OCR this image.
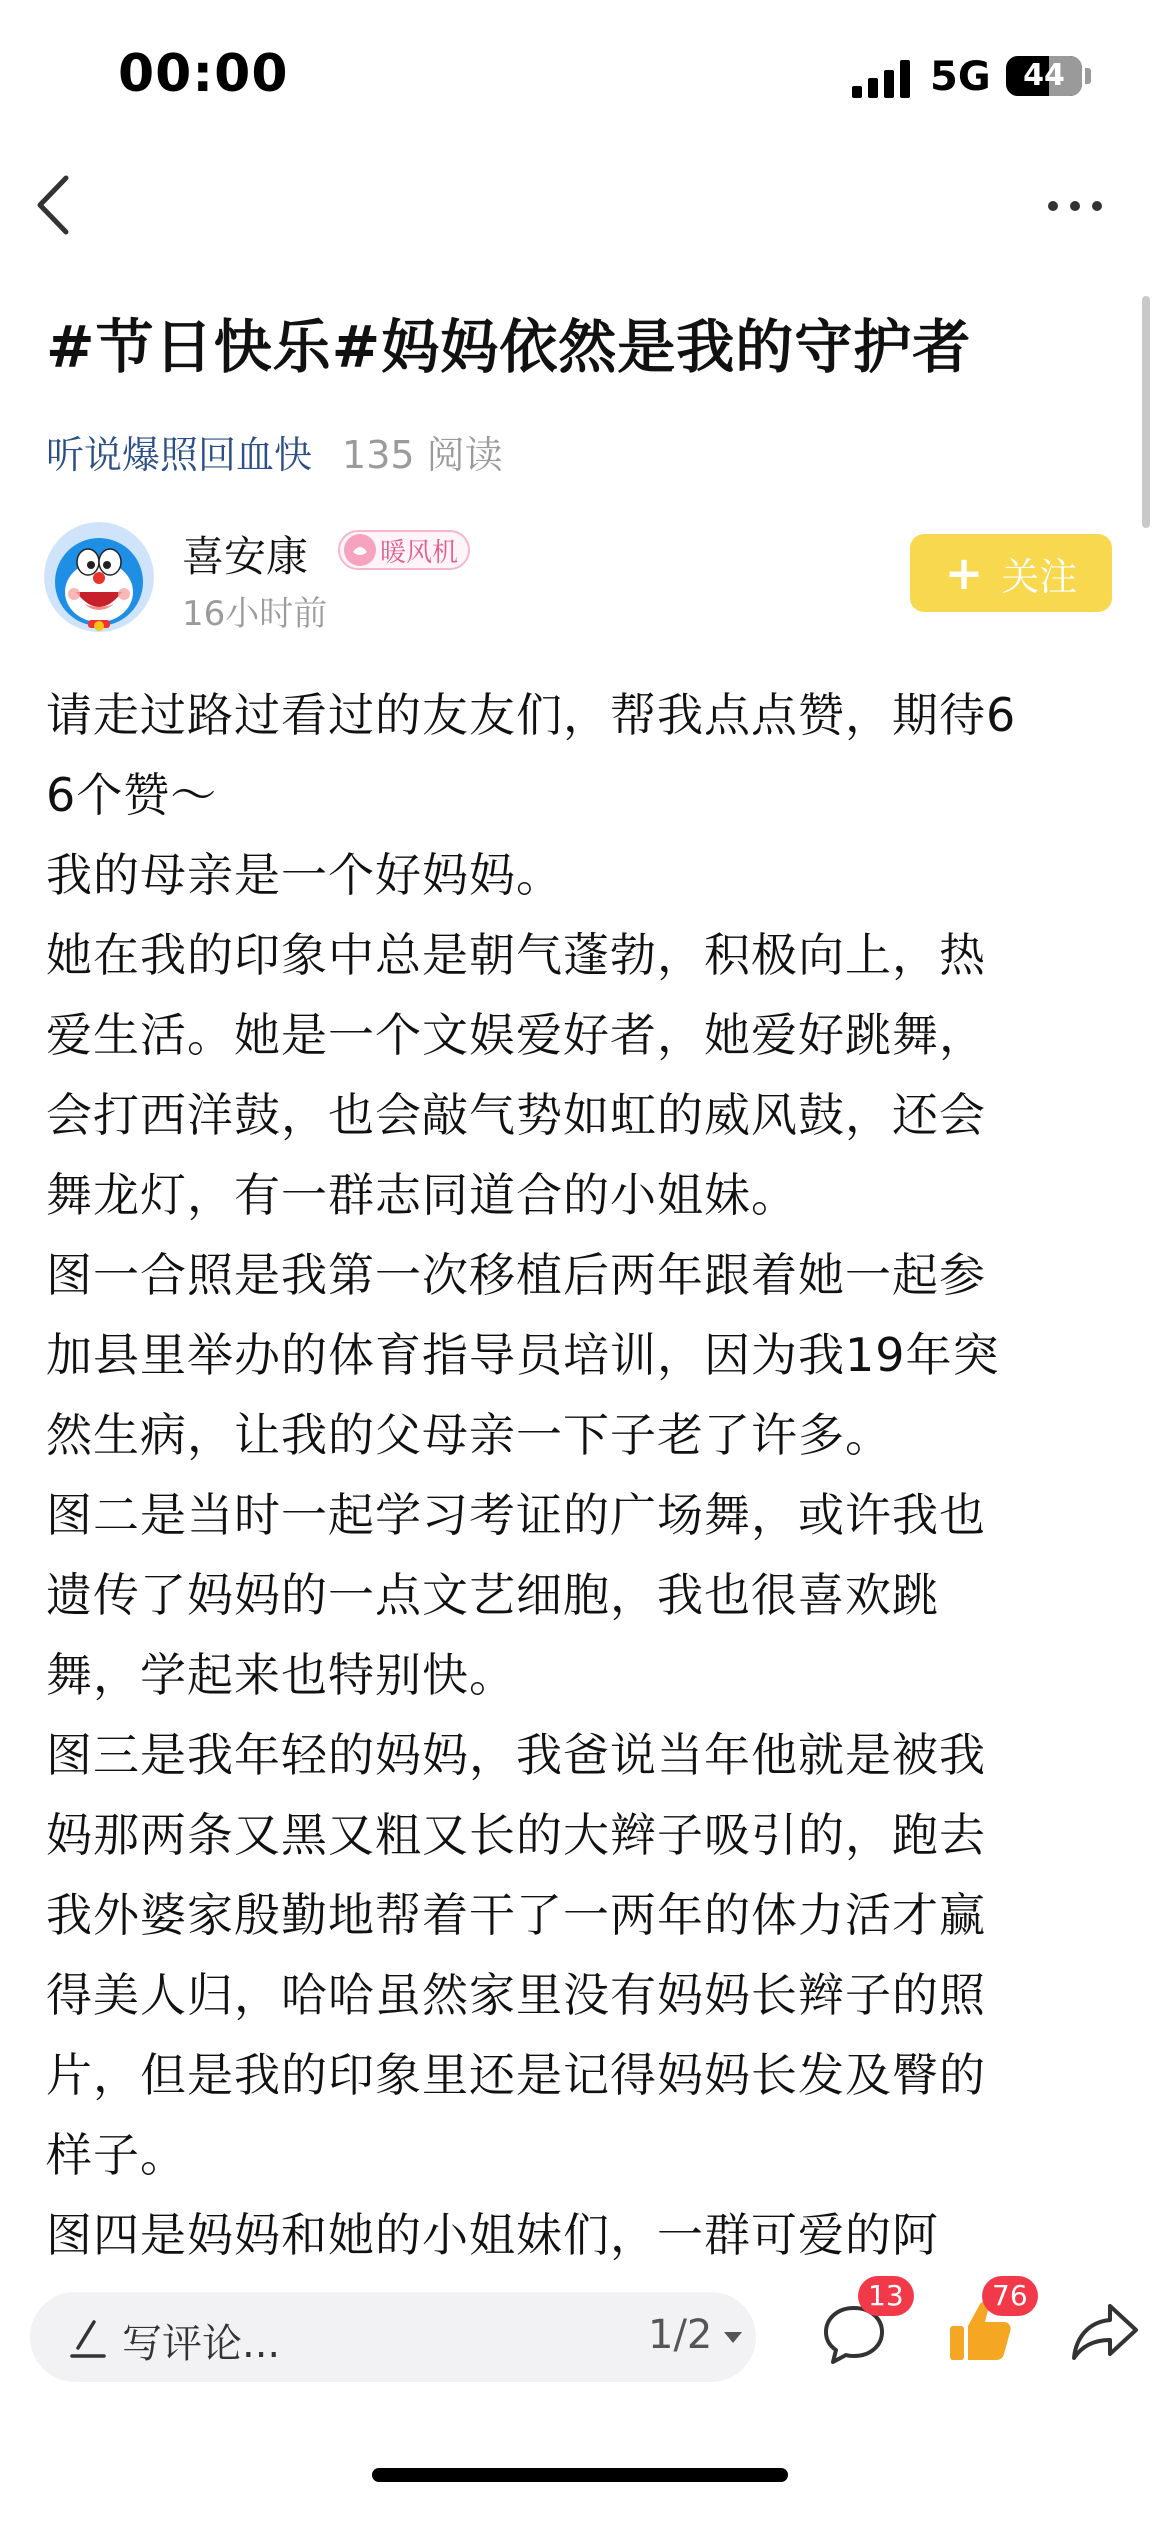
00:00	5G	44
#节日快乐#妈妈依然是我的守护者
听说爆照回血快 135 阅读
喜安康	暖风机
16小时前
+ 关注
请走过路过看过的友友们，帮我点点赞，期待6
6个赞～
我的母亲是一个好妈妈。
她在我的印象中总是朝气蓬勃，积极向上，热
爱生活。她是一个文娱爱好者，她爱好跳舞，
会打西洋鼓，也会敲气势如虹的威风鼓，还会
舞龙灯，有一群志同道合的小姐妹。
图一合照是我第一次移植后两年跟着她一起参
加县里举办的体育指导员培训，因为我19年突
然生病，让我的父母亲一下子老了许多。
图二是当时一起学习考证的广场舞，或许我也
遗传了妈妈的一点文艺细胞，我也很喜欢跳
舞，学起来也特别快。
图三是我年轻的妈妈，我爸说当年他就是被我
妈那两条又黑又粗又长的大辫子吸引的，跑去
我外婆家殷勤地帮着干了一两年的体力活才赢
得美人归，哈哈虽然家里没有妈妈长辫子的照
片，但是我的印象里还是记得妈妈长发及臀的
样子。
图四是妈妈和她的小姐妹们，一群可爱的阿
写评论...	1/2
13	76
